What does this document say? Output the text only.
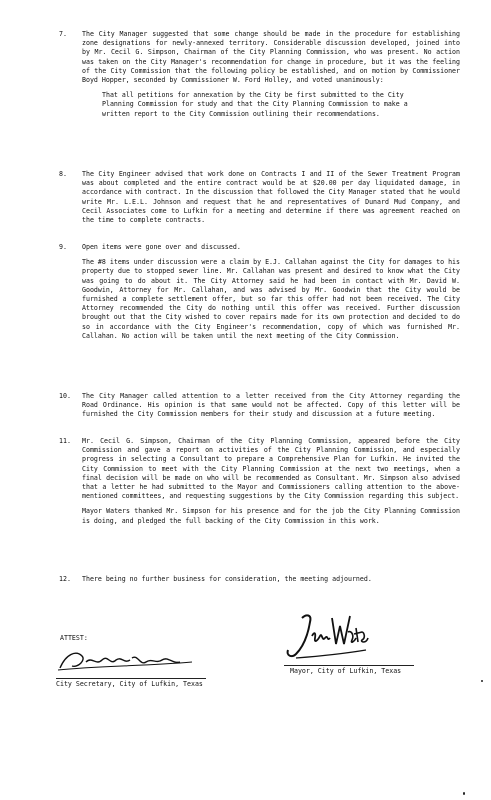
7.	The City Manager suggested that some change should be made in the procedure for establishing zone designations for newly-annexed territory. Considerable discussion developed, joined into by Mr. Cecil G. Simpson, Chairman of the City Planning Commission, who was present. No action was taken on the City Manager's recommendation for change in procedure, but it was the feeling of the City Commission that the following policy be established, and on motion by Commissioner Boyd Hopper, seconded by Commissioner W. Ford Holley, and voted unanimously:
That all petitions for annexation by the City be first submitted to the City Planning Commission for study and that the City Planning Commission to make a written report to the City Commission outlining their recommendations.
8.	The City Engineer advised that work done on Contracts I and II of the Sewer Treatment Program was about completed and the entire contract would be at $20.00 per day liquidated damage, in accordance with contract. In the discussion that followed the City Manager stated that he would write Mr. L.E.L. Johnson and request that he and representatives of Dunard Mud Company, and Cecil Associates come to Lufkin for a meeting and determine if there was agreement reached on the time to complete contracts.
9.	Open items were gone over and discussed.
The #8 items under discussion were a claim by E.J. Callahan against the City for damages to his property due to stopped sewer line. Mr. Callahan was present and desired to know what the City was going to do about it. The City Attorney said he had been in contact with Mr. David W. Goodwin, Attorney for Mr. Callahan, and was advised by Mr. Goodwin that the City would be furnished a complete settlement offer, but so far this offer had not been received. The City Attorney recommended the City do nothing until this offer was received. Further discussion brought out that the City wished to cover repairs made for its own protection and decided to do so in accordance with the City Engineer's recommendation, copy of which was furnished Mr. Callahan. No action will be taken until the next meeting of the City Commission.
10.	The City Manager called attention to a letter received from the City Attorney regarding the Road Ordinance. His opinion is that same would not be affected. Copy of this letter will be furnished the City Commission members for their study and discussion at a future meeting.
11.	Mr. Cecil G. Simpson, Chairman of the City Planning Commission, appeared before the City Commission and gave a report on activities of the City Planning Commission, and especially progress in selecting a Consultant to prepare a Comprehensive Plan for Lufkin. He invited the City Commission to meet with the City Planning Commission at the next two meetings, when a final decision will be made on who will be recommended as Consultant. Mr. Simpson also advised that a letter he had submitted to the Mayor and Commissioners calling attention to the above-mentioned committees, and requesting suggestions by the City Commission regarding this subject.
Mayor Waters thanked Mr. Simpson for his presence and for the job the City Planning Commission is doing, and pledged the full backing of the City Commission in this work.
12.	There being no further business for consideration, the meeting adjourned.
Mayor, City of Lufkin, Texas
ATTEST:
City Secretary, City of Lufkin, Texas
